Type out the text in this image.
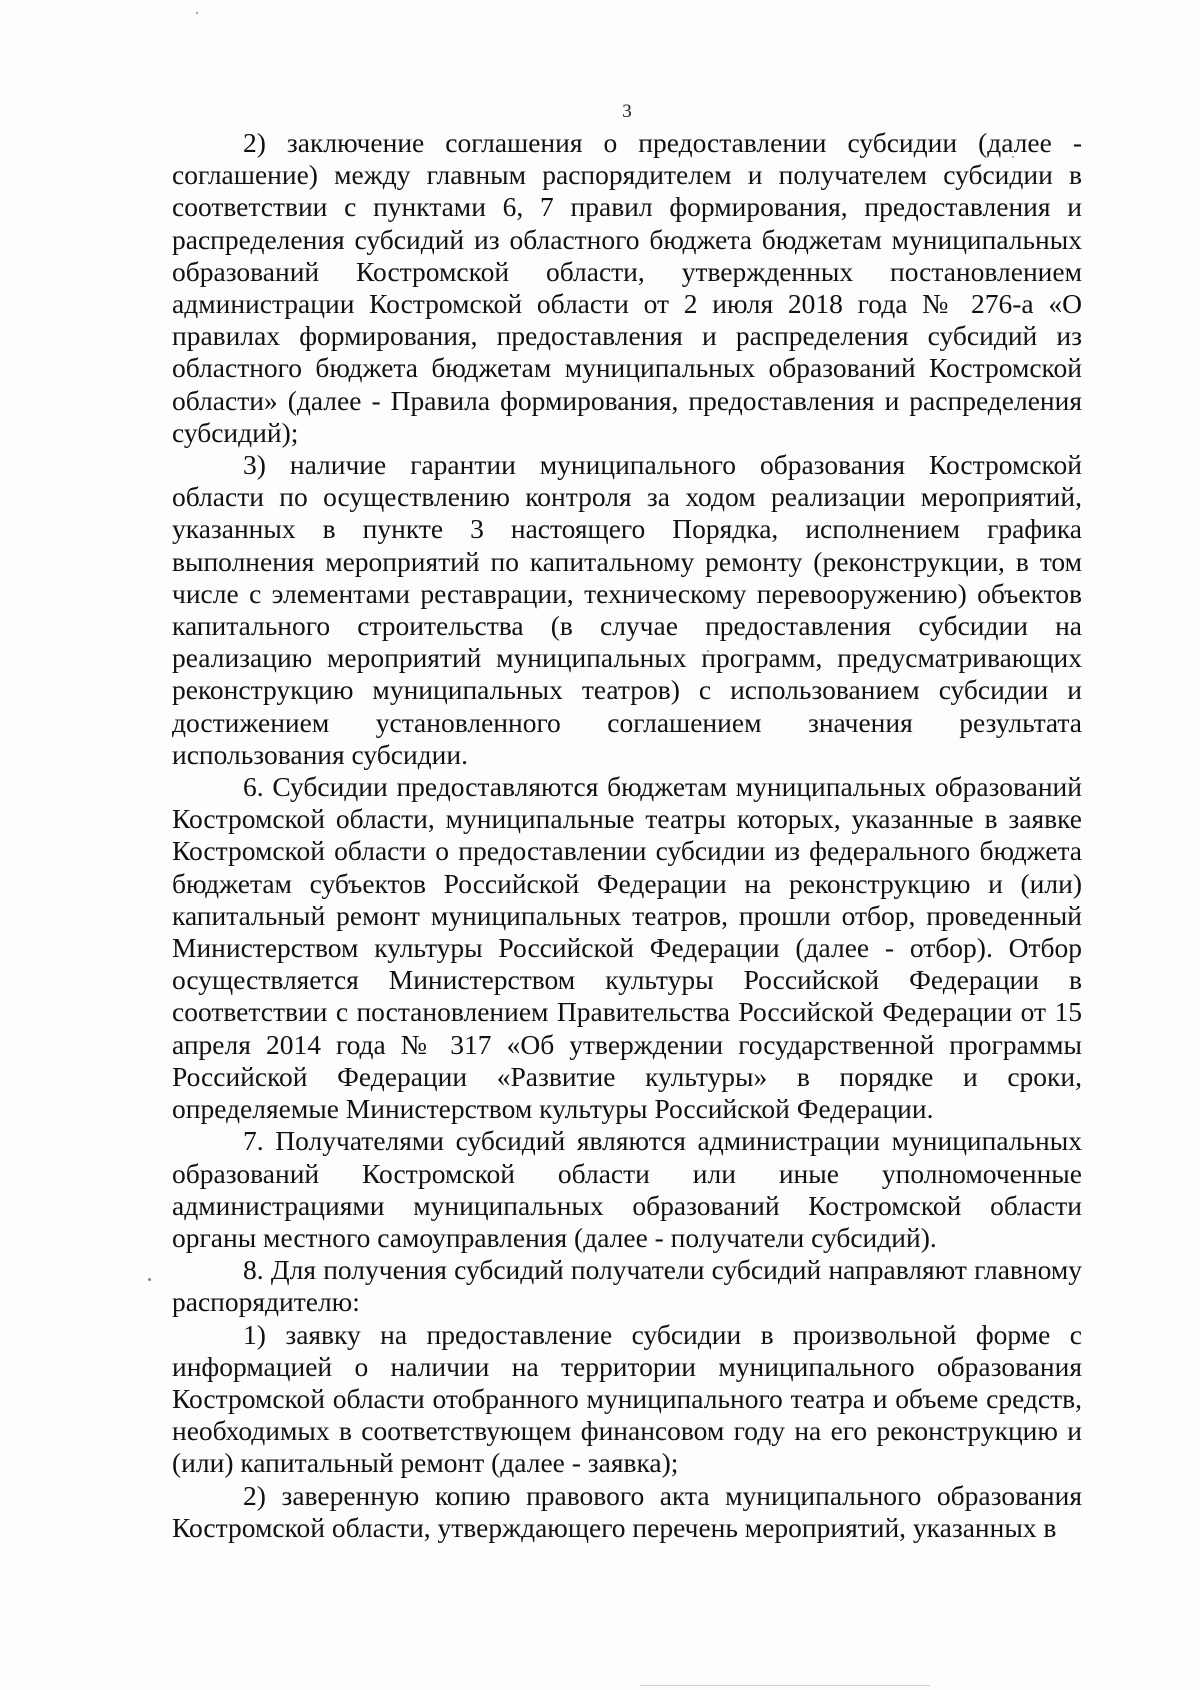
3

2) заключение соглашения о предоставлении субсидии (далее - соглашение) между главным распорядителем и получателем субсидии в соответствии с пунктами 6, 7 правил формирования, предоставления и распределения субсидий из областного бюджета бюджетам муниципальных образований Костромской области, утвержденных постановлением администрации Костромской области от 2 июля 2018 года № 276-а «О правилах формирования, предоставления и распределения субсидий из областного бюджета бюджетам муниципальных образований Костромской области» (далее - Правила формирования, предоставления и распределения субсидий);

3) наличие гарантии муниципального образования Костромской области по осуществлению контроля за ходом реализации мероприятий, указанных в пункте 3 настоящего Порядка, исполнением графика выполнения мероприятий по капитальному ремонту (реконструкции, в том числе с элементами реставрации, техническому перевооружению) объектов капитального строительства (в случае предоставления субсидии на реализацию мероприятий муниципальных программ, предусматривающих реконструкцию муниципальных театров) с использованием субсидии и достижением установленного соглашением значения результата использования субсидии.

6. Субсидии предоставляются бюджетам муниципальных образований Костромской области, муниципальные театры которых, указанные в заявке Костромской области о предоставлении субсидии из федерального бюджета бюджетам субъектов Российской Федерации на реконструкцию и (или) капитальный ремонт муниципальных театров, прошли отбор, проведенный Министерством культуры Российской Федерации (далее - отбор). Отбор осуществляется Министерством культуры Российской Федерации в соответствии с постановлением Правительства Российской Федерации от 15 апреля 2014 года № 317 «Об утверждении государственной программы Российской Федерации «Развитие культуры» в порядке и сроки, определяемые Министерством культуры Российской Федерации.

7. Получателями субсидий являются администрации муниципальных образований Костромской области или иные уполномоченные администрациями муниципальных образований Костромской области органы местного самоуправления (далее - получатели субсидий).

8. Для получения субсидий получатели субсидий направляют главному распорядителю:

1) заявку на предоставление субсидии в произвольной форме с информацией о наличии на территории муниципального образования Костромской области отобранного муниципального театра и объеме средств, необходимых в соответствующем финансовом году на его реконструкцию и (или) капитальный ремонт (далее - заявка);

2) заверенную копию правового акта муниципального образования Костромской области, утверждающего перечень мероприятий, указанных в
